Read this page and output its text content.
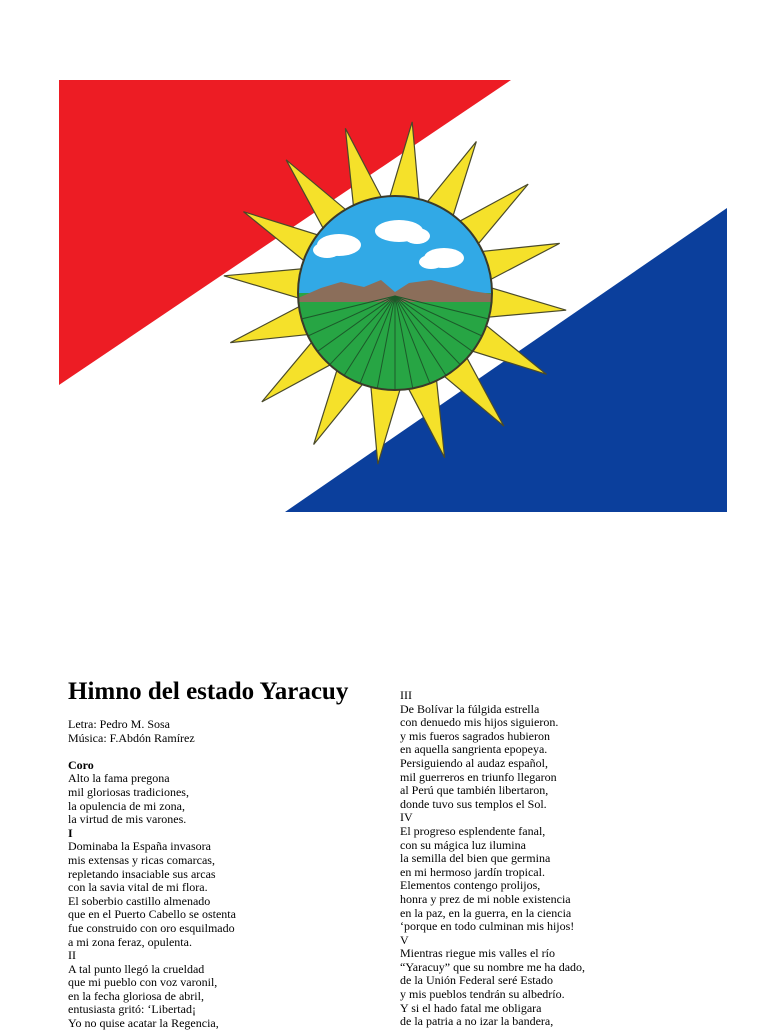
Himno del estado Yaracuy
Letra: Pedro M. Sosa
Música: F.Abdón Ramírez
Coro
Alto la fama pregona
mil gloriosas tradiciones,
la opulencia de mi zona,
la virtud de mis varones.
I
Dominaba la España invasora
mis extensas y ricas comarcas,
repletando insaciable sus arcas
con la savia vital de mi flora.
El soberbio castillo almenado
que en el Puerto Cabello se ostenta
fue construido con oro esquilmado
a mi zona feraz, opulenta.
II
A tal punto llegó la crueldad
que mi pueblo con voz varonil,
en la fecha gloriosa de abril,
entusiasta gritó: ‘Libertad¡
Yo no quise acatar la Regencia,
III
De Bolívar la fúlgida estrella
con denuedo mis hijos siguieron.
y mis fueros sagrados hubieron
en aquella sangrienta epopeya.
Persiguiendo al audaz español,
mil guerreros en triunfo llegaron
al Perú que también libertaron,
donde tuvo sus templos el Sol.
IV
El progreso esplendente fanal,
con su mágica luz ilumina
la semilla del bien que germina
en mi hermoso jardín tropical.
Elementos contengo prolijos,
honra y prez de mi noble existencia
en la paz, en la guerra, en la ciencia
‘porque en todo culminan mis hijos!
V
Mientras riegue mis valles el río
“Yaracuy” que su nombre me ha dado,
de la Unión Federal seré Estado
y mis pueblos tendrán su albedrío.
Y si el hado fatal me obligara
de la patria a no izar la bandera,
